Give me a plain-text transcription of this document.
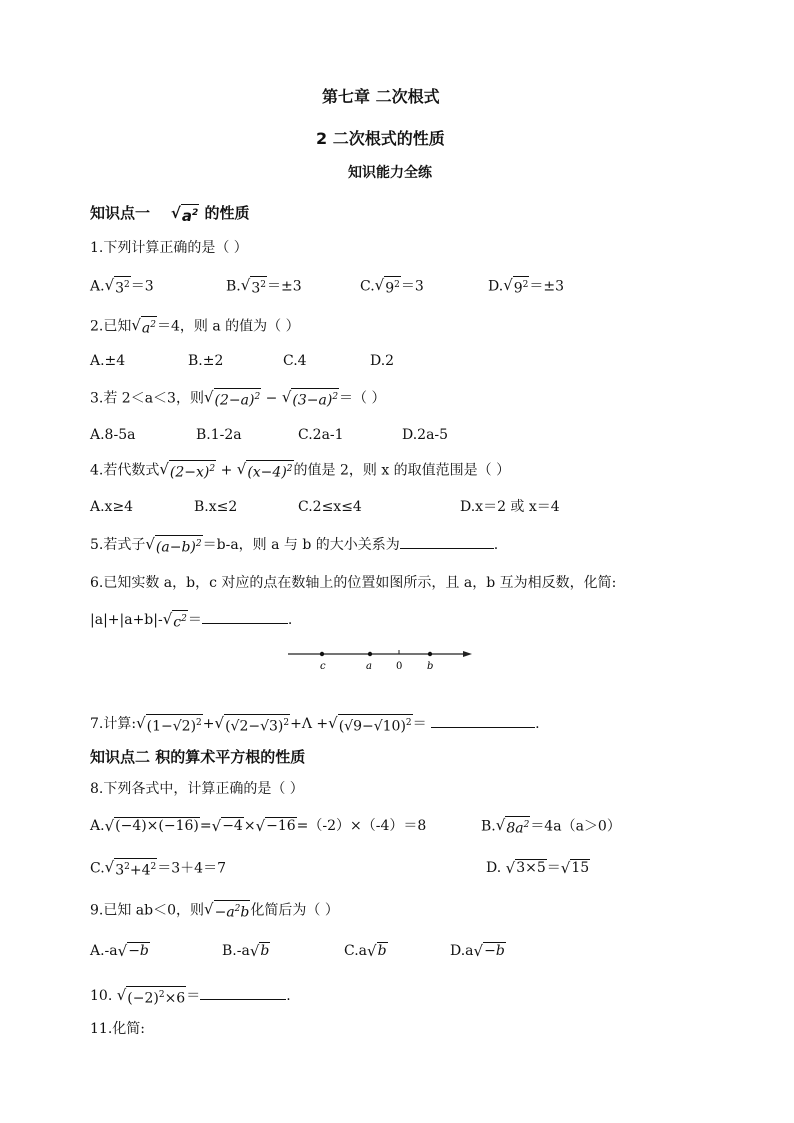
第七章 二次根式
2 二次根式的性质
知识能力全练
知识点一 √ $a^2$ 的性质
1.下列计算正确的是（ ）
A. √ $3^2 =3$	B. √ $3^2 =\pm 3$	C. √ $9^2 =3$	D. √ $9^2 =\pm 3$
2.已知 √ $a^2 =4$，则 a 的值为（ ）
A.±4	B.±2	C.4	D.2
3.若 2＜a＜3，则 √ $(2-a)^2$ − √ $(3-a)^2$ ＝（ ）
A.8-5a	B.1-2a	C.2a-1	D.2a-5
4.若代数式 √ $(2-x)^2$ + √ $(x-4)^2$ 的值是 2，则 x 的取值范围是（ ）
A.x≥4	B.x≤2	C.2≤x≤4	D.x＝2 或 x＝4
5.若式子 √ $(a-b)^2 =b-a$，则 a 与 b 的大小关系为	.
6.已知实数 a，b，c 对应的点在数轴上的位置如图所示，且 a，b 互为相反数，化简:
|a|+|a+b|- √ $c^2$ ＝	.
c	a 0 b
7.计算: √ $(1-√2)^2$ + √ $(√2-√3)^2 +\Lambda$ + √ $(√9-√10)^2$ ＝	.
知识点二 积的算术平方根的性质
8.下列各式中，计算正确的是（ ）
A. √ (−4)×(−16) = √ −4 × √ −16 =（-2）×（-4）＝8	B. √ $8a^2 =4a(a>0)$
C. √ $3^2+4^2 =3+4=7$	D. √ 3×5 ＝ √ 15
9.已知 ab＜0，则 √ $-a^2b$ 化简后为（ ）
A.-a √ −b	B.-a √ b	C.a √ b	D.a √ −b
10. √ $(-2)^2\times 6$ ＝	.
11.化简:
